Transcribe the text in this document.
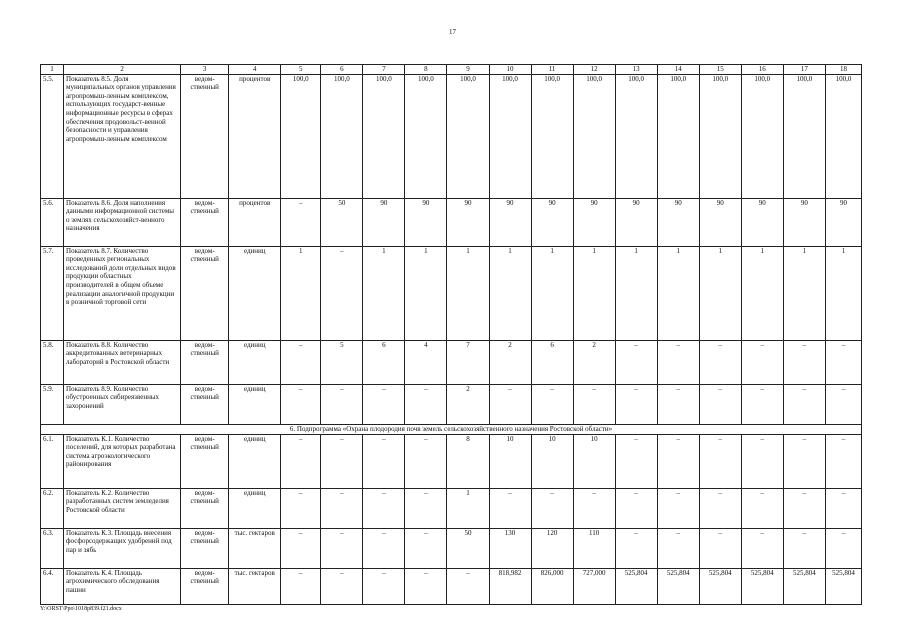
17
1	2	3	4	5	6	7	8	9	10	11	12	13	14	15	16	17	18
5.5.	Показатель 8.5. Доля муниципальных органов управления агропромыш-ленным комплексом, использующих государст-венные информационные ресурсы в сферах обеспечения продовольст-венной безопасности и управления агропромыш-ленным комплексом	ведом-ственный	процентов	100,0	100,0	100,0	100,0	100,0	100,0	100,0	100,0	100,0	100,0	100,0	100,0	100,0	100,0
5.6.	Показатель 8.6. Доля наполнения данными информационной системы о землях сельскохозяйст-венного назначения	ведом-ственный	процентов	–	50	90	90	90	90	90	90	90	90	90	90	90	90
5.7.	Показатель 8.7. Количество проведенных региональных исследований доли отдельных видов продукции областных производителей в общем объеме реализации аналогичной продукции в розничной торговой сети	ведом-ственный	единиц	1	–	1	1	1	1	1	1	1	1	1	1	1	1
5.8.	Показатель 8.8. Количество аккредитованных ветеринарных лабораторий в Ростовской области	ведом-ственный	единиц	–	5	6	4	7	2	6	2	–	–	–	–	–	–
5.9.	Показатель 8.9. Количество обустроенных сибиреязвенных захоронений	ведом-ственный	единиц	–	–	–	–	2	–	–	–	–	–	–	–	–	–
6. Подпрограмма «Охрана плодородия почв земель сельскохозяйственного назначения Ростовской области»																	
6.1.	Показатель К.1. Количество поселений, для которых разработана система агроэкологического районирования	ведом-ственный	единиц	–	–	–	–	8	10	10	10	–	–	–	–	–	–
6.2.	Показатель К.2. Количество разработанных систем земледелия Ростовской области	ведом-ственный	единиц	–	–	–	–	1	–	–	–	–	–	–	–	–	–
6.3.	Показатель К.3. Площадь внесения фосфорсодержащих удобрений под пар и зябь	ведом-ственный	тыс. гектаров	–	–	–	–	50	130	120	110	–	–	–	–	–	–
6.4.	Показатель К.4. Площадь агрохимического обследования пашни	ведом-ственный	тыс. гектаров	–	–	–	–	–	818,982	826,000	727,000	525,804	525,804	525,804	525,804	525,804	525,804
Y:\ORST\Ppo\1018p839.f21.docx
